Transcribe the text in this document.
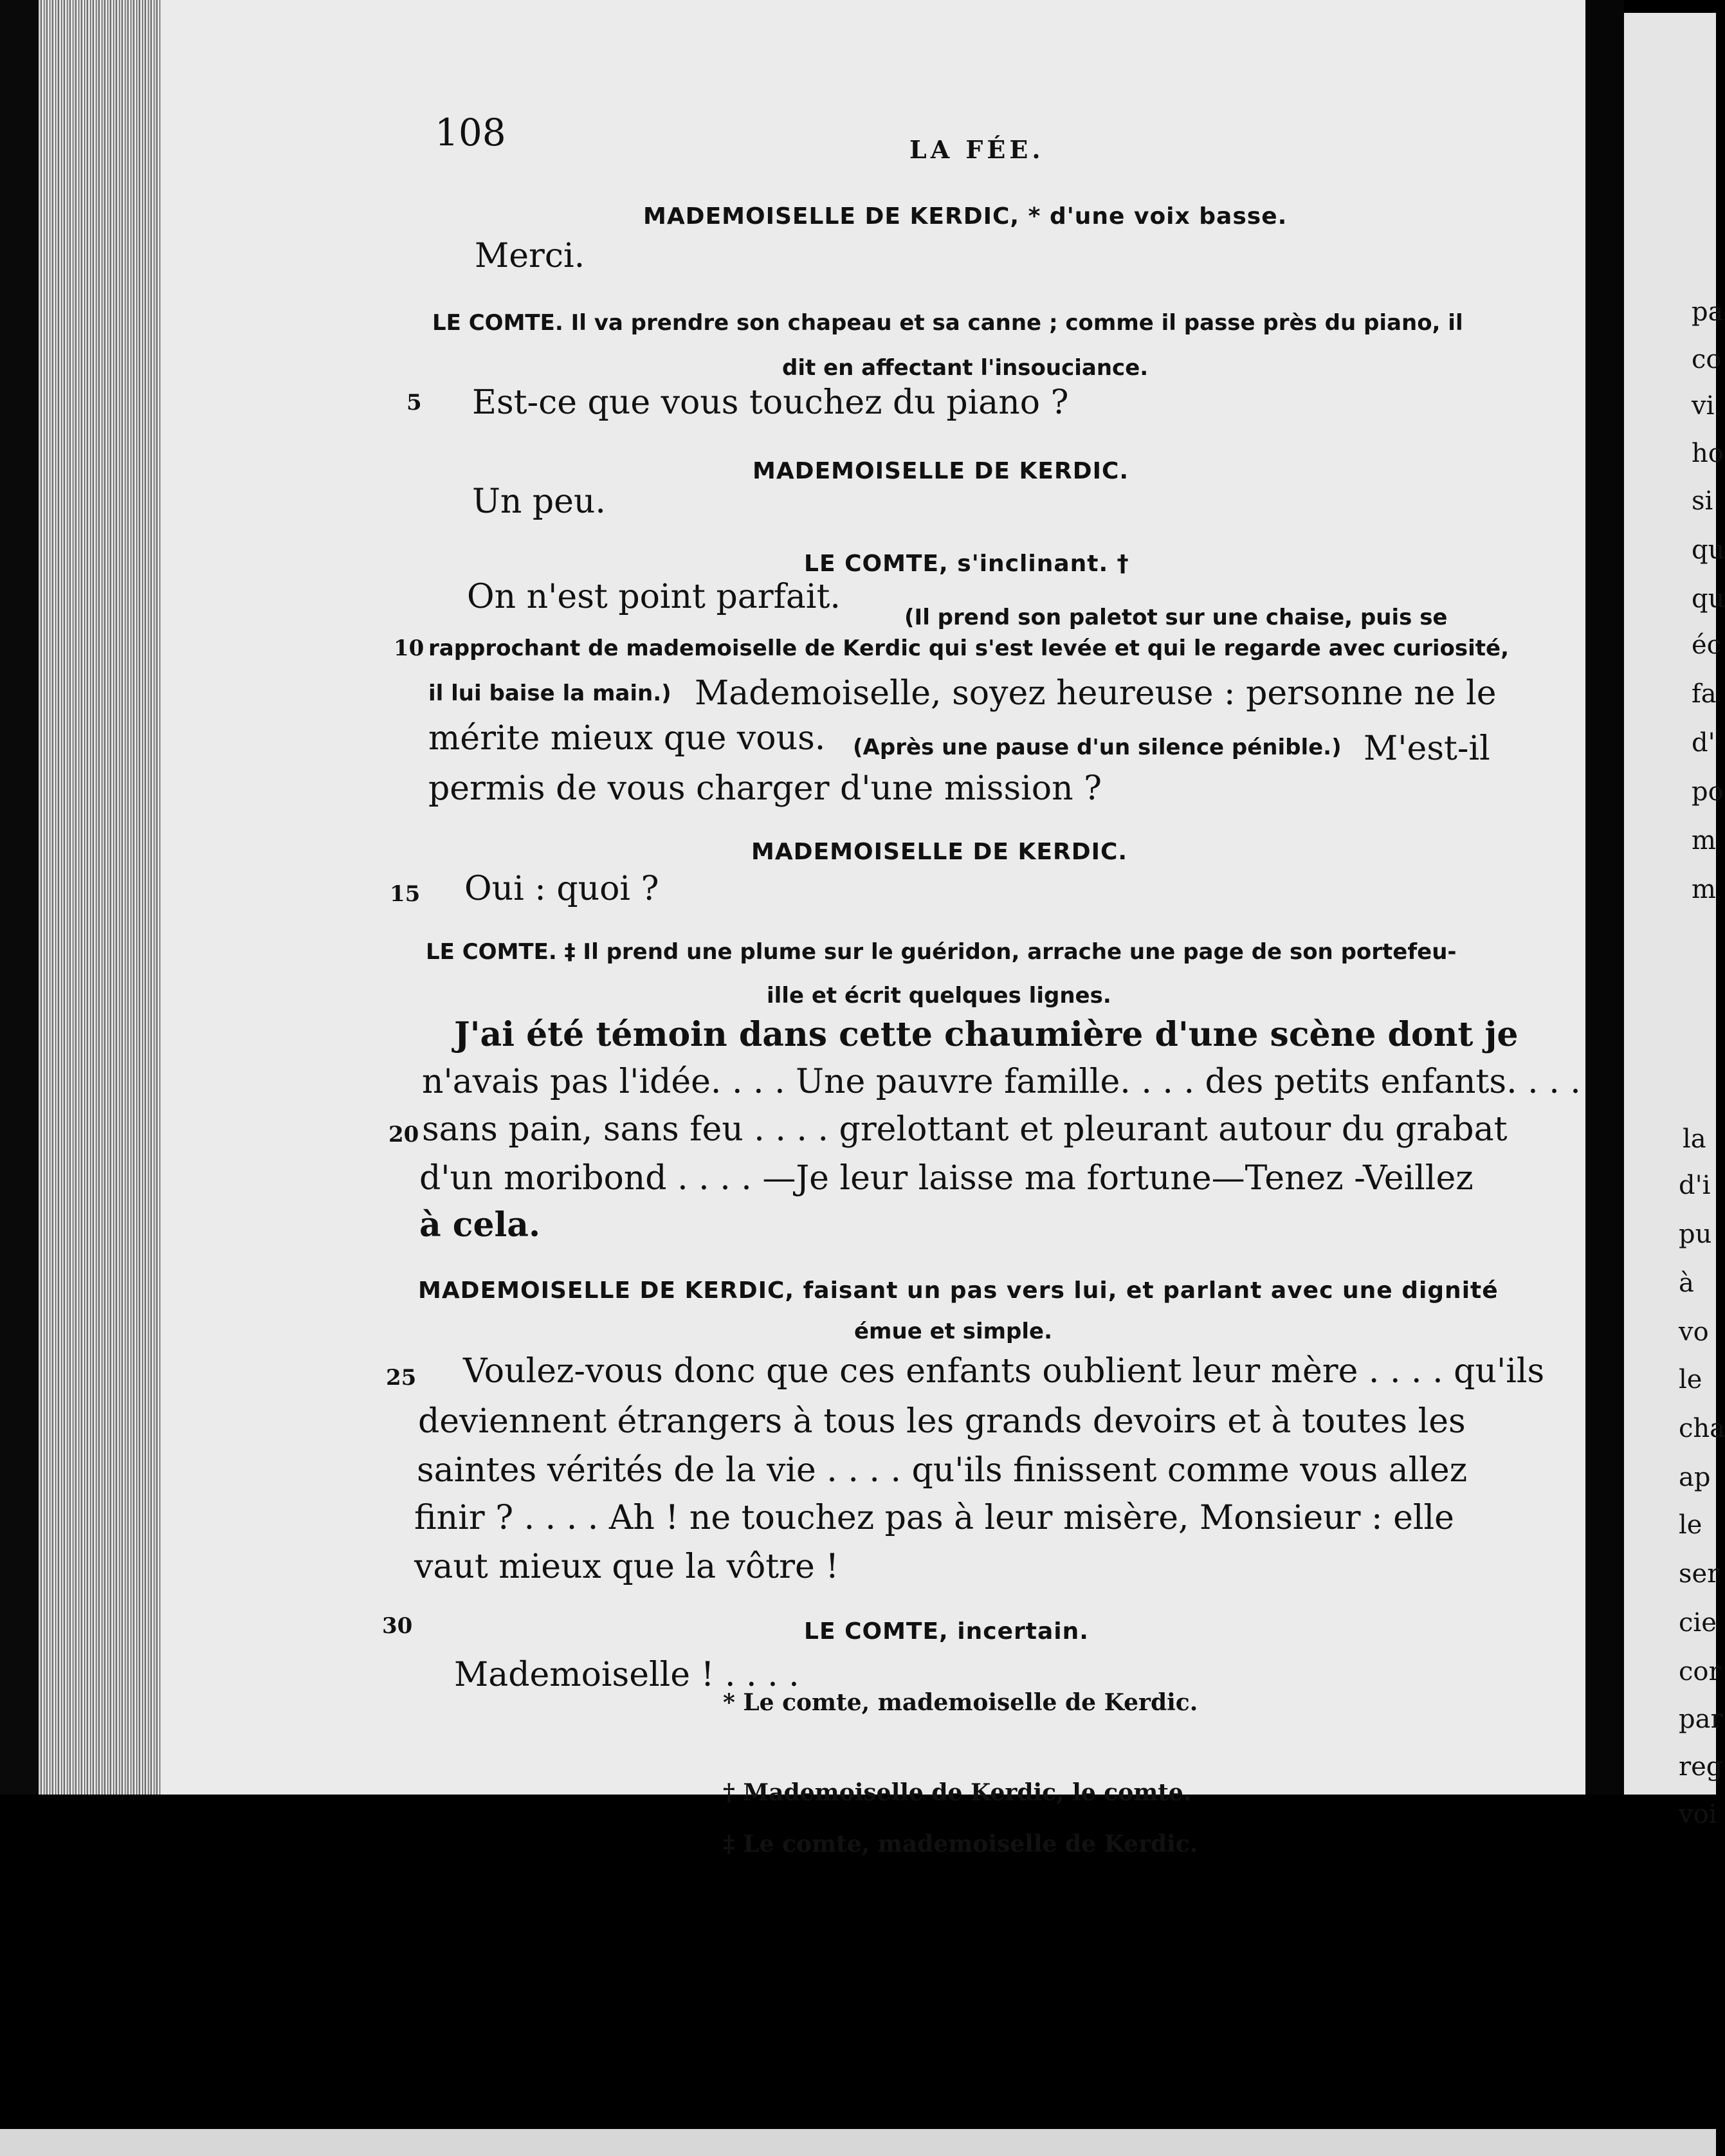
108	LA FÉE.
MADEMOISELLE DE KERDIC, * d'une voix basse.
Merci.
LE COMTE. Il va prendre son chapeau et sa canne ; comme il passe près du piano, il
dit en affectant l'insouciance.
5 Est-ce que vous touchez du piano ?
MADEMOISELLE DE KERDIC.
Un peu.
LE COMTE, s'inclinant. †
On n'est point parfait.
(Il prend son paletot sur une chaise, puis se
10 rapprochant de mademoiselle de Kerdic qui s'est levée et qui le regarde avec curiosité,
il lui baise la main.) Mademoiselle, soyez heureuse : personne ne le
mérite mieux que vous. (Après une pause d'un silence pénible.) M'est-il
permis de vous charger d'une mission ?
MADEMOISELLE DE KERDIC.
15 Oui : quoi ?
LE COMTE. ‡ Il prend une plume sur le guéridon, arrache une page de son portefeu-
ille et écrit quelques lignes.
J'ai été témoin dans cette chaumière d'une scène dont je
n'avais pas l'idée. . . . Une pauvre famille. . . . des petits enfants. . . .
20 sans pain, sans feu . . . . grelottant et pleurant autour du grabat
d'un moribond . . . . —Je leur laisse ma fortune—Tenez -Veillez
à cela.
MADEMOISELLE DE KERDIC, faisant un pas vers lui, et parlant avec une dignité
émue et simple.
25 Voulez-vous donc que ces enfants oublient leur mère . . . . qu'ils
deviennent étrangers à tous les grands devoirs et à toutes les
saintes vérités de la vie . . . . qu'ils finissent comme vous allez
finir ? . . . . Ah ! ne touchez pas à leur misère, Monsieur : elle
vaut mieux que la vôtre !
30	LE COMTE, incertain.
Mademoiselle ! . . . .
* Le comte, mademoiselle de Kerdic.
† Mademoiselle de Kerdic, le comte.
‡ Le comte, mademoiselle de Kerdic.
pa
co
vi
ho
si
qu
qu
éc
fa
d'
po
m
m
la
d'i
pu
à
vo
le
cha
ap
le
ser
cie
cor
par
reg
voi
